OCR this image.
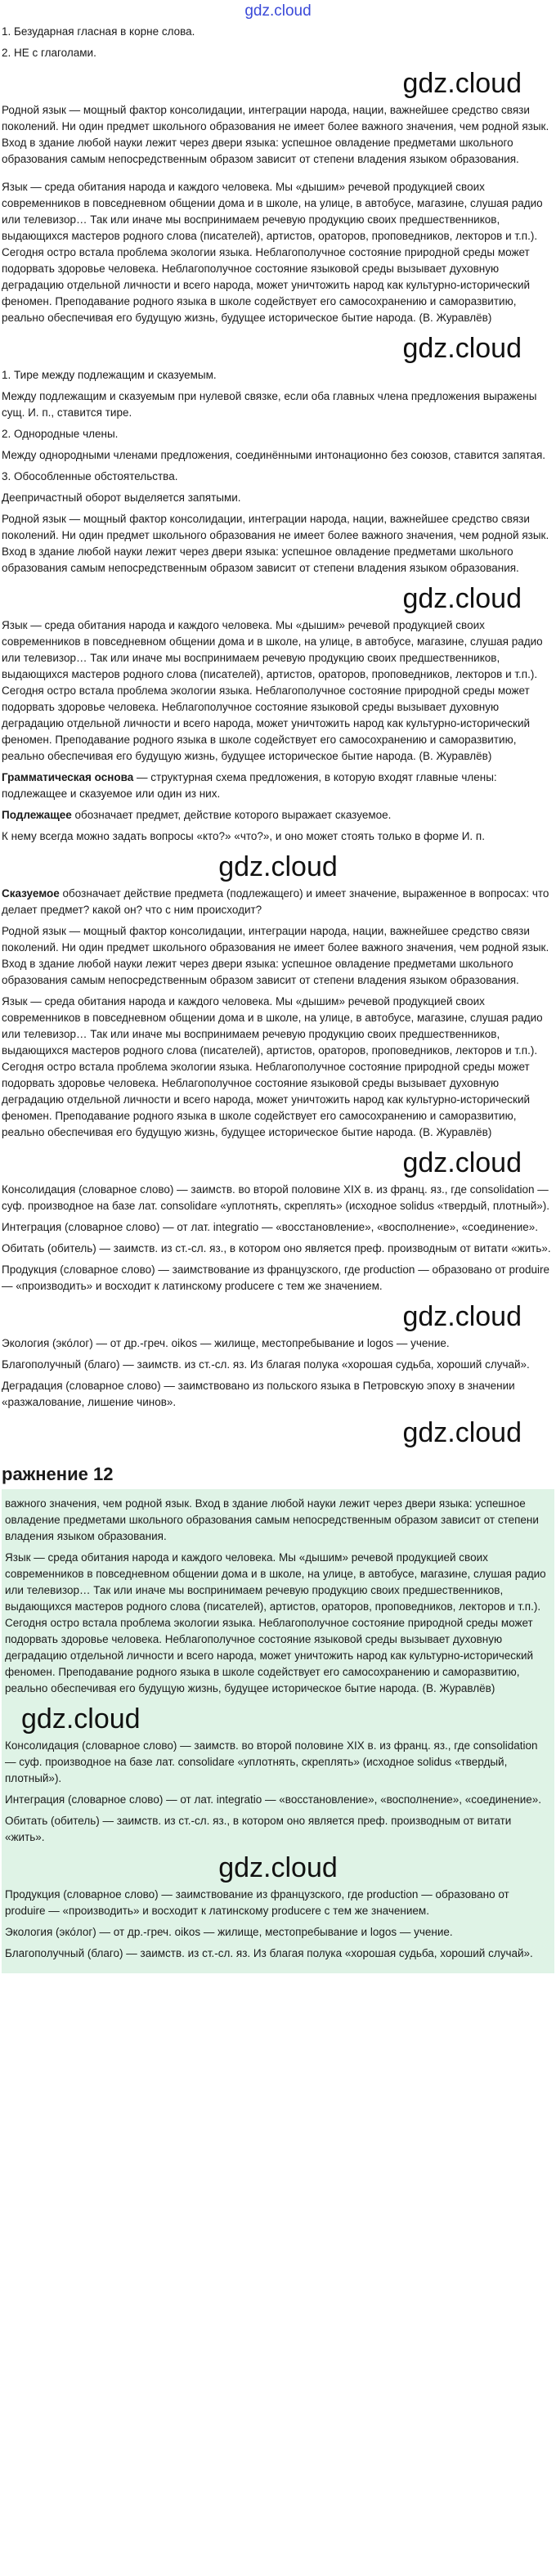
gdz.cloud

1. Безударная гласная в корне слова.

2. НЕ с глаголами.

gdz.cloud

Родной язык — мощный фактор консолидации, интеграции народа, нации, важнейшее средство связи поколений. Ни один предмет школьного образования не имеет более важного значения, чем родной язык. Вход в здание любой науки лежит через двери языка: успешное овладение предметами школьного образования самым непосредственным образом зависит от степени владения языком образования.

Язык — среда обитания народа и каждого человека. Мы «дышим» речевой продукцией своих современников в повседневном общении дома и в школе, на улице, в автобусе, магазине, слушая радио или телевизор… Так или иначе мы воспринимаем речевую продукцию своих предшественников, выдающихся мастеров родного слова (писателей), артистов, ораторов, проповедников, лекторов и т.п.). Сегодня остро встала проблема экологии языка. Неблагополучное состояние природной среды может подорвать здоровье человека. Неблагополучное состояние языковой среды вызывает духовную деградацию отдельной личности и всего народа, может уничтожить народ как культурно-исторический феномен. Преподавание родного языка в школе содействует его самосохранению и саморазвитию, реально обеспечивая его будущую жизнь, будущее историческое бытие народа. (В. Журавлёв)

gdz.cloud

1. Тире между подлежащим и сказуемым.

Между подлежащим и сказуемым при нулевой связке, если оба главных члена предложения выражены сущ. И. п., ставится тире.

2. Однородные члены.

Между однородными членами предложения, соединёнными интонационно без союзов, ставится запятая.

3. Обособленные обстоятельства.

Деепричастный оборот выделяется запятыми.

Родной язык — мощный фактор консолидации, интеграции народа, нации, важнейшее средство связи поколений. Ни один предмет школьного образования не имеет более важного значения, чем родной язык. Вход в здание любой науки лежит через двери языка: успешное овладение предметами школьного образования самым непосредственным образом зависит от степени владения языком образования.

gdz.cloud

Язык — среда обитания народа и каждого человека. Мы «дышим» речевой продукцией своих современников в повседневном общении дома и в школе, на улице, в автобусе, магазине, слушая радио или телевизор… Так или иначе мы воспринимаем речевую продукцию своих предшественников, выдающихся мастеров родного слова (писателей), артистов, ораторов, проповедников, лекторов и т.п.). Сегодня остро встала проблема экологии языка. Неблагополучное состояние природной среды может подорвать здоровье человека. Неблагополучное состояние языковой среды вызывает духовную деградацию отдельной личности и всего народа, может уничтожить народ как культурно-исторический феномен. Преподавание родного языка в школе содействует его самосохранению и саморазвитию, реально обеспечивая его будущую жизнь, будущее историческое бытие народа. (В. Журавлёв)

Грамматическая основа — структурная схема предложения, в которую входят главные члены: подлежащее и сказуемое или один из них.

Подлежащее обозначает предмет, действие которого выражает сказуемое.

К нему всегда можно задать вопросы «кто?» «что?», и оно может стоять только в форме И. п.

gdz.cloud

Сказуемое обозначает действие предмета (подлежащего) и имеет значение, выраженное в вопросах: что делает предмет? какой он? что с ним происходит?

Родной язык — мощный фактор консолидации, интеграции народа, нации, важнейшее средство связи поколений. Ни один предмет школьного образования не имеет более важного значения, чем родной язык. Вход в здание любой науки лежит через двери языка: успешное овладение предметами школьного образования самым непосредственным образом зависит от степени владения языком образования.

Язык — среда обитания народа и каждого человека. Мы «дышим» речевой продукцией своих современников в повседневном общении дома и в школе, на улице, в автобусе, магазине, слушая радио или телевизор… Так или иначе мы воспринимаем речевую продукцию своих предшественников, выдающихся мастеров родного слова (писателей), артистов, ораторов, проповедников, лекторов и т.п.). Сегодня остро встала проблема экологии языка. Неблагополучное состояние природной среды может подорвать здоровье человека. Неблагополучное состояние языковой среды вызывает духовную деградацию отдельной личности и всего народа, может уничтожить народ как культурно-исторический феномен. Преподавание родного языка в школе содействует его самосохранению и саморазвитию, реально обеспечивая его будущую жизнь, будущее историческое бытие народа. (В. Журавлёв)

gdz.cloud

Консолидация (словарное слово) — заимств. во второй половине XIX в. из франц. яз., где consolidation — суф. производное на базе лат. consolidare «уплотнять, скреплять» (исходное solidus «твердый, плотный»).

Интеграция (словарное слово) — от лат. integratio — «восстановление», «восполнение», «соединение».

Обитать (обитель) — заимств. из ст.-сл. яз., в котором оно является преф. производным от витати «жить».

Продукция (словарное слово) — заимствование из французского, где production — образовано от produire — «производить» и восходит к латинскому producere с тем же значением.

gdz.cloud

Экология (экóлог) — от др.-греч. oikos — жилище, местопребывание и logos — учение.

Благополучный (благо) — заимств. из ст.-сл. яз. Из благая полука «хорошая судьба, хороший случай».

Деградация (словарное слово) — заимствовано из польского языка в Петровскую эпоху в значении «разжалование, лишение чинов».

gdz.cloud
ражнение 12

важного значения, чем родной язык. Вход в здание любой науки лежит через двери языка: успешное овладение предметами школьного образования самым непосредственным образом зависит от степени владения языком образования.

Язык — среда обитания народа и каждого человека. Мы «дышим» речевой продукцией своих современников в повседневном общении дома и в школе, на улице, в автобусе, магазине, слушая радио или телевизор… Так или иначе мы воспринимаем речевую продукцию своих предшественников, выдающихся мастеров родного слова (писателей), артистов, ораторов, проповедников, лекторов и т.п.). Сегодня остро встала проблема экологии языка. Неблагополучное состояние природной среды может подорвать здоровье человека. Неблагополучное состояние языковой среды вызывает духовную деградацию отдельной личности и всего народа, может уничтожить народ как культурно-исторический феномен. Преподавание родного языка в школе содействует его самосохранению и саморазвитию, реально обеспечивая его будущую жизнь, будущее историческое бытие народа. (В. Журавлёв)

gdz.cloud

Консолидация (словарное слово) — заимств. во второй половине XIX в. из франц. яз., где consolidation — суф. производное на базе лат. consolidare «уплотнять, скреплять» (исходное solidus «твердый, плотный»).

Интеграция (словарное слово) — от лат. integratio — «восстановление», «восполнение», «соединение».

Обитать (обитель) — заимств. из ст.-сл. яз., в котором оно является преф. производным от витати «жить».

gdz.cloud

Продукция (словарное слово) — заимствование из французского, где production — образовано от produire — «производить» и восходит к латинскому producere с тем же значением.

Экология (экóлог) — от др.-греч. oikos — жилище, местопребывание и logos — учение.

Благополучный (благо) — заимств. из ст.-сл. яз. Из благая полука «хорошая судьба, хороший случай».
